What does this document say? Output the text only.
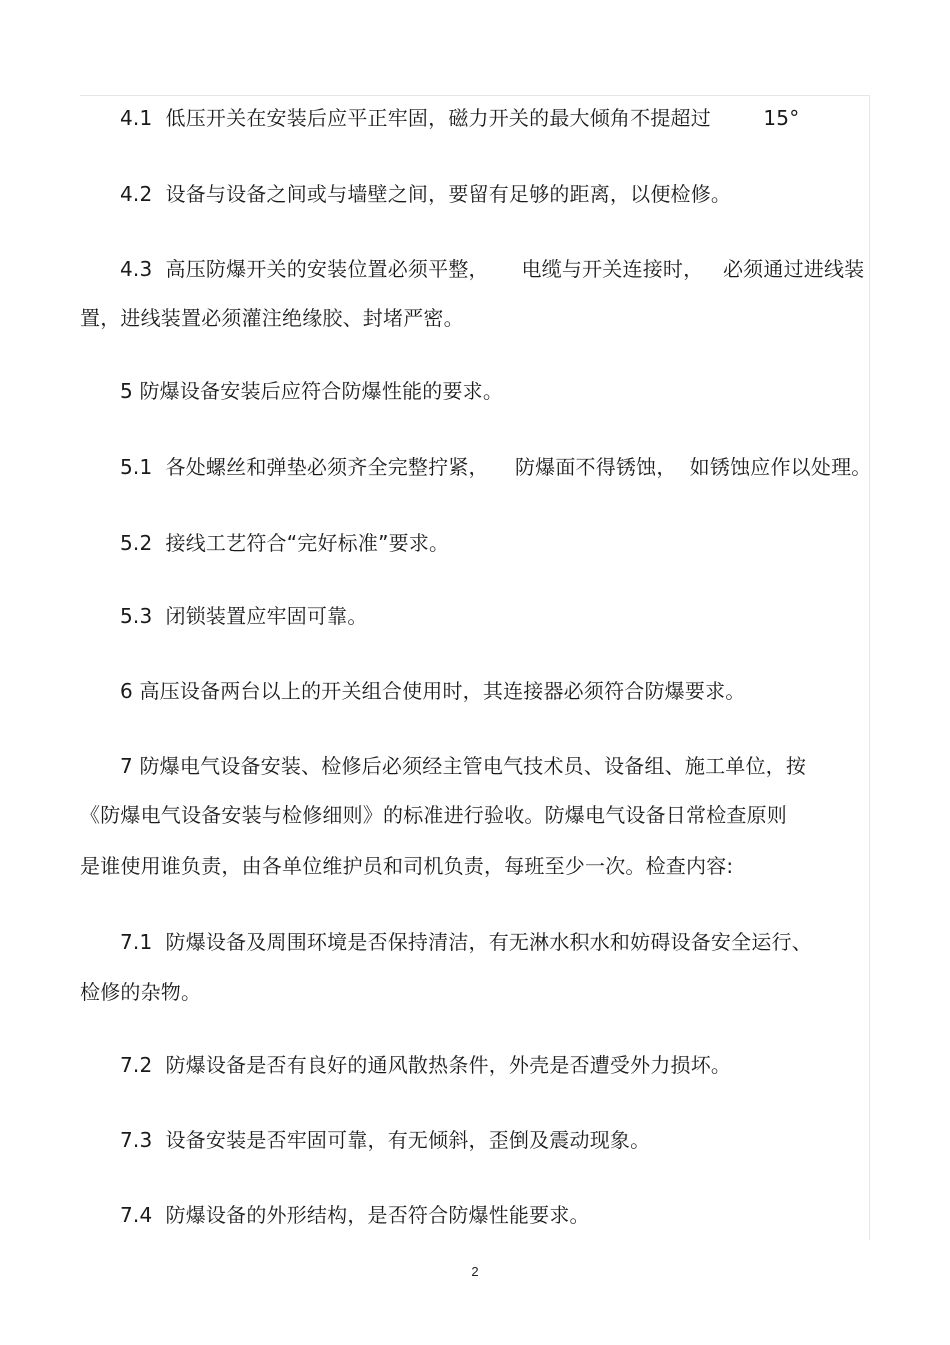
4.1  低压开关在安装后应平正牢固，磁力开关的最大倾角不提超过        15°
4.2  设备与设备之间或与墙壁之间，要留有足够的距离，以便检修。
4.3  高压防爆开关的安装位置必须平整，     电缆与开关连接时，   必须通过进线装
置，进线装置必须灌注绝缘胶、封堵严密。
5 防爆设备安装后应符合防爆性能的要求。
5.1  各处螺丝和弹垫必须齐全完整拧紧，    防爆面不得锈蚀，  如锈蚀应作以处理。
5.2  接线工艺符合“完好标准”要求。
5.3  闭锁装置应牢固可靠。
6 高压设备两台以上的开关组合使用时，其连接器必须符合防爆要求。
7 防爆电气设备安装、检修后必须经主管电气技术员、设备组、施工单位，按
《防爆电气设备安装与检修细则》的标准进行验收。防爆电气设备日常检查原则
是谁使用谁负责，由各单位维护员和司机负责，每班至少一次。检查内容:
7.1  防爆设备及周围环境是否保持清洁，有无淋水积水和妨碍设备安全运行、
检修的杂物。
7.2  防爆设备是否有良好的通风散热条件，外壳是否遭受外力损坏。
7.3  设备安装是否牢固可靠，有无倾斜，歪倒及震动现象。
7.4  防爆设备的外形结构，是否符合防爆性能要求。
2
